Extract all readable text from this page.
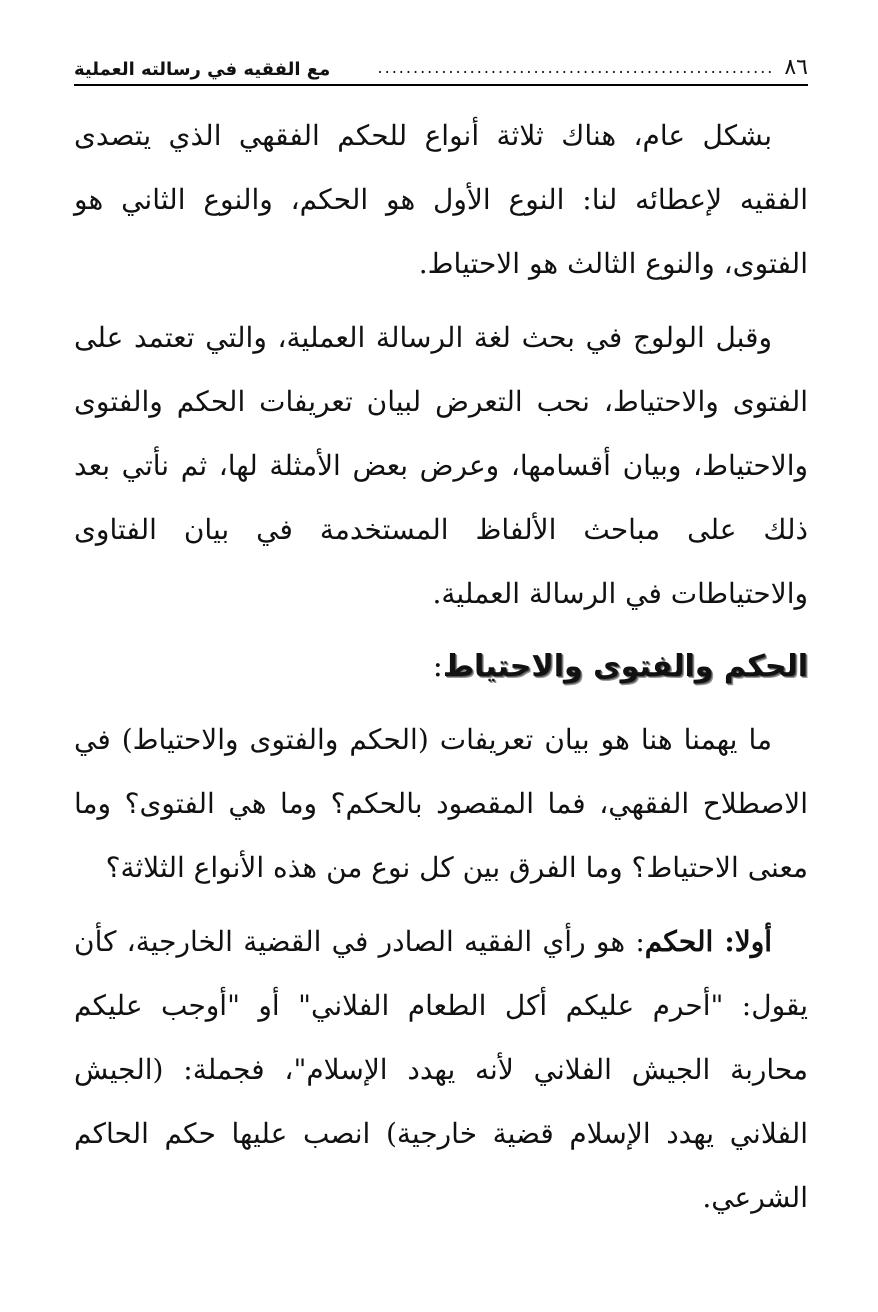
٨٦
........................................................
مع الفقيه في رسالته العملية

بشكل عام، هناك ثلاثة أنواع للحكم الفقهي الذي يتصدى الفقيه لإعطائه لنا: النوع الأول هو الحكم، والنوع الثاني هو الفتوى، والنوع الثالث هو الاحتياط.

وقبل الولوج في بحث لغة الرسالة العملية، والتي تعتمد على الفتوى والاحتياط، نحب التعرض لبيان تعريفات الحكم والفتوى والاحتياط، وبيان أقسامها، وعرض بعض الأمثلة لها، ثم نأتي بعد ذلك على مباحث الألفاظ المستخدمة في بيان الفتاوى والاحتياطات في الرسالة العملية.

الحكم والفتوى والاحتياط:

ما يهمنا هنا هو بيان تعريفات (الحكم والفتوى والاحتياط) في الاصطلاح الفقهي، فما المقصود بالحكم؟ وما هي الفتوى؟ وما معنى الاحتياط؟ وما الفرق بين كل نوع من هذه الأنواع الثلاثة؟

أولا: الحكم: هو رأي الفقيه الصادر في القضية الخارجية، كأن يقول: "أحرم عليكم أكل الطعام الفلاني" أو "أوجب عليكم محاربة الجيش الفلاني لأنه يهدد الإسلام"، فجملة: (الجيش الفلاني يهدد الإسلام قضية خارجية) انصب عليها حكم الحاكم الشرعي.
